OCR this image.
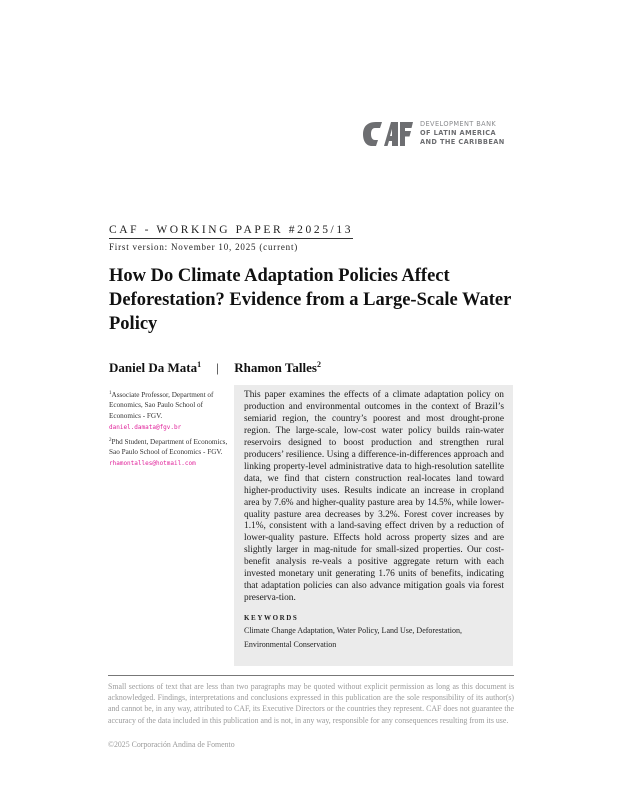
DEVELOPMENT BANK
OF LATIN AMERICA
AND THE CARIBBEAN
CAF - WORKING PAPER #2025/13
First version: November 10, 2025 (current)
How Do Climate Adaptation Policies Affect Deforestation? Evidence from a Large-Scale Water Policy
Daniel Da Mata$^1$ | Rhamon Talles$^2$
$^1$Associate Professor, Department of Economics, Sao Paulo School of Economics - FGV.
daniel.damata@fgv.br
$^2$Phd Student, Department of Economics, Sao Paulo School of Economics - FGV.
rhamontalles@hotmail.com

This paper examines the effects of a climate adaptation policy on production and environmental outcomes in the context of Brazil’s semiarid region, the country’s poorest and most drought-prone region. The large-scale, low-cost water policy builds rain-water reservoirs designed to boost production and strengthen rural producers’ resilience. Using a difference-in-differences approach and linking property-level administrative data to high-resolution satellite data, we find that cistern construction real-locates land toward higher-productivity uses. Results indicate an increase in cropland area by 7.6% and higher-quality pasture area by 14.5%, while lower-quality pasture area decreases by 3.2%. Forest cover increases by 1.1%, consistent with a land-saving effect driven by a reduction of lower-quality pasture. Effects hold across property sizes and are slightly larger in mag-nitude for small-sized properties. Our cost-benefit analysis re-veals a positive aggregate return with each invested monetary unit generating 1.76 units of benefits, indicating that adaptation policies can also advance mitigation goals via forest preserva-tion.

KEYWORDS
Climate Change Adaptation, Water Policy, Land Use, Deforestation, Environmental Conservation
Small sections of text that are less than two paragraphs may be quoted without explicit permission as long as this document is acknowledged. Findings, interpretations and conclusions expressed in this publication are the sole responsibility of its author(s) and cannot be, in any way, attributed to CAF, its Executive Directors or the countries they represent. CAF does not guarantee the accuracy of the data included in this publication and is not, in any way, responsible for any consequences resulting from its use.
©2025 Corporación Andina de Fomento
